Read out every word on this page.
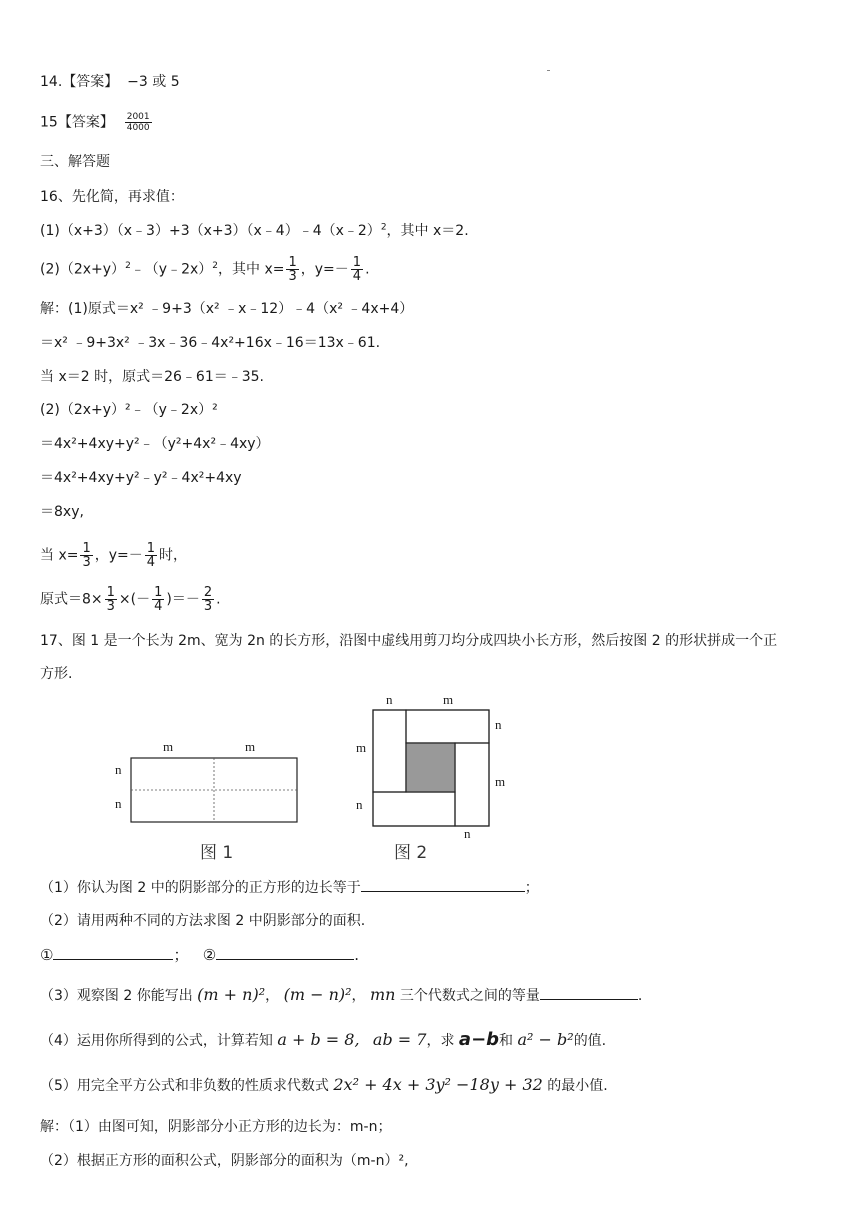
14.【答案】 −3 或 5
15【答案】 $\frac{2001}{4000}$
三、解答题
16、先化简，再求值：
(1)（x+3）（x﹣3）+3（x+3）（x﹣4）﹣4（x﹣2）$^2$，其中 x＝2.
$(2)(2x+y)^2﹣(y﹣2x)^2$，其中 $x= \frac{1}{3}$ ，$y=- \frac{1}{4}$ .
解：(1)原式＝x² ﹣9+3（x² ﹣x﹣12）﹣4（x² ﹣4x+4）
＝x² ﹣9+3x² ﹣3x﹣36﹣4x²+16x﹣16＝13x﹣61.
当 x＝2 时，原式＝26﹣61＝﹣35.
(2)（2x+y）²﹣（y﹣2x）²
＝4x²+4xy+y²﹣（y²+4x²﹣4xy）
＝4x²+4xy+y²﹣y²﹣4x²+4xy
＝8xy,
当 $x= \frac{1}{3}$ ，$y=- \frac{1}{4}$ 时，
原式$=8\times \frac{1}{3}$ ×(－ $\frac{1}{4}$ )＝－ $\frac{2}{3}$ .
17、图 1 是一个长为 2m、宽为 2n 的长方形，沿图中虚线用剪刀均分成四块小长方形，然后按图 2 的形状拼成一个正
方形.
m	m
n
n
图 1
n	m
n
m
m
n
n
图 2
（1）你认为图 2 中的阴影部分的正方形的边长等于	；
（2）请用两种不同的方法求图 2 中阴影部分的面积.
①	； ②	.
（3）观察图 2 你能写出 (m + n)²， (m − n)²， mn 三个代数式之间的等量	.
（4）运用你所得到的公式，计算若知 a + b = 8, ab = 7，求 a−b和 a² − b²的值.
（5）用完全平方公式和非负数的性质求代数式 2x² + 4x + 3y² −18y + 32 的最小值.
解：（1）由图可知，阴影部分小正方形的边长为：m-n；
（2）根据正方形的面积公式，阴影部分的面积为（m-n）²,
